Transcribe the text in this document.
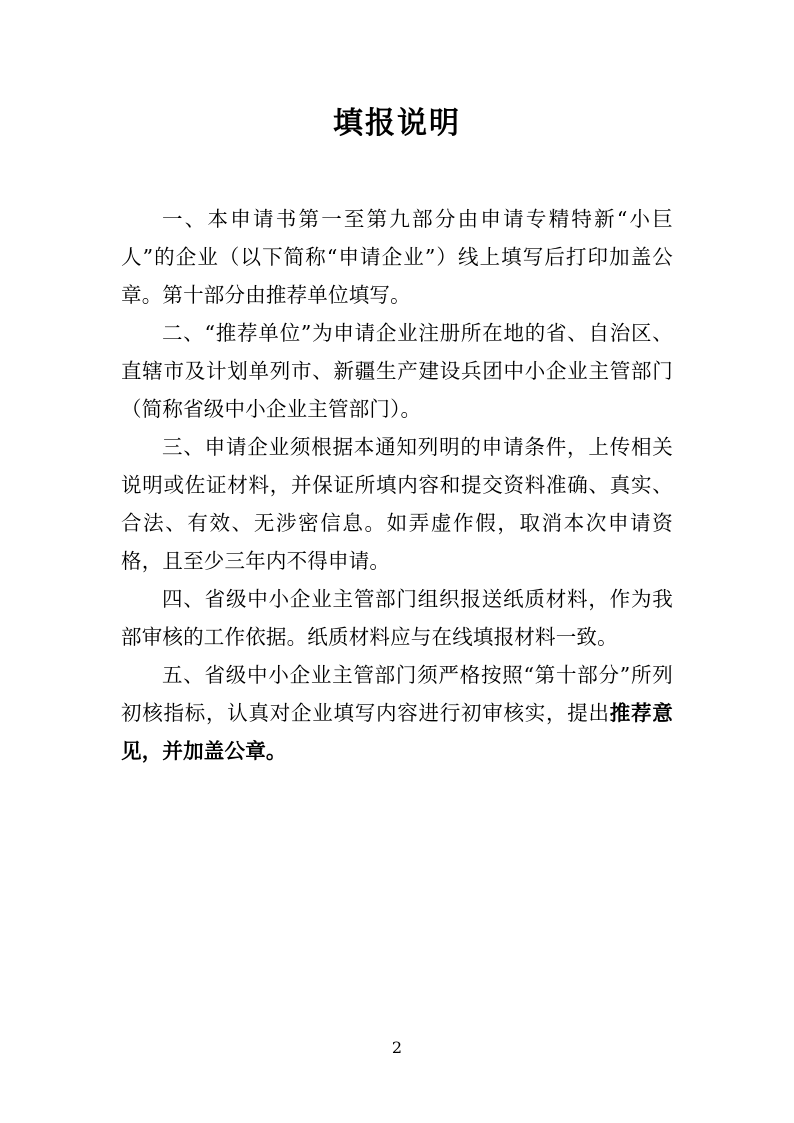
填报说明

一、本申请书第一至第九部分由申请专精特新“小巨人”的企业（以下简称“申请企业”）线上填写后打印加盖公章。第十部分由推荐单位填写。

二、“推荐单位”为申请企业注册所在地的省、自治区、直辖市及计划单列市、新疆生产建设兵团中小企业主管部门（简称省级中小企业主管部门）。

三、申请企业须根据本通知列明的申请条件，上传相关说明或佐证材料，并保证所填内容和提交资料准确、真实、合法、有效、无涉密信息。如弄虚作假，取消本次申请资格，且至少三年内不得申请。

四、省级中小企业主管部门组织报送纸质材料，作为我部审核的工作依据。纸质材料应与在线填报材料一致。

五、省级中小企业主管部门须严格按照“第十部分”所列初核指标，认真对企业填写内容进行初审核实，提出推荐意见，并加盖公章。

2
